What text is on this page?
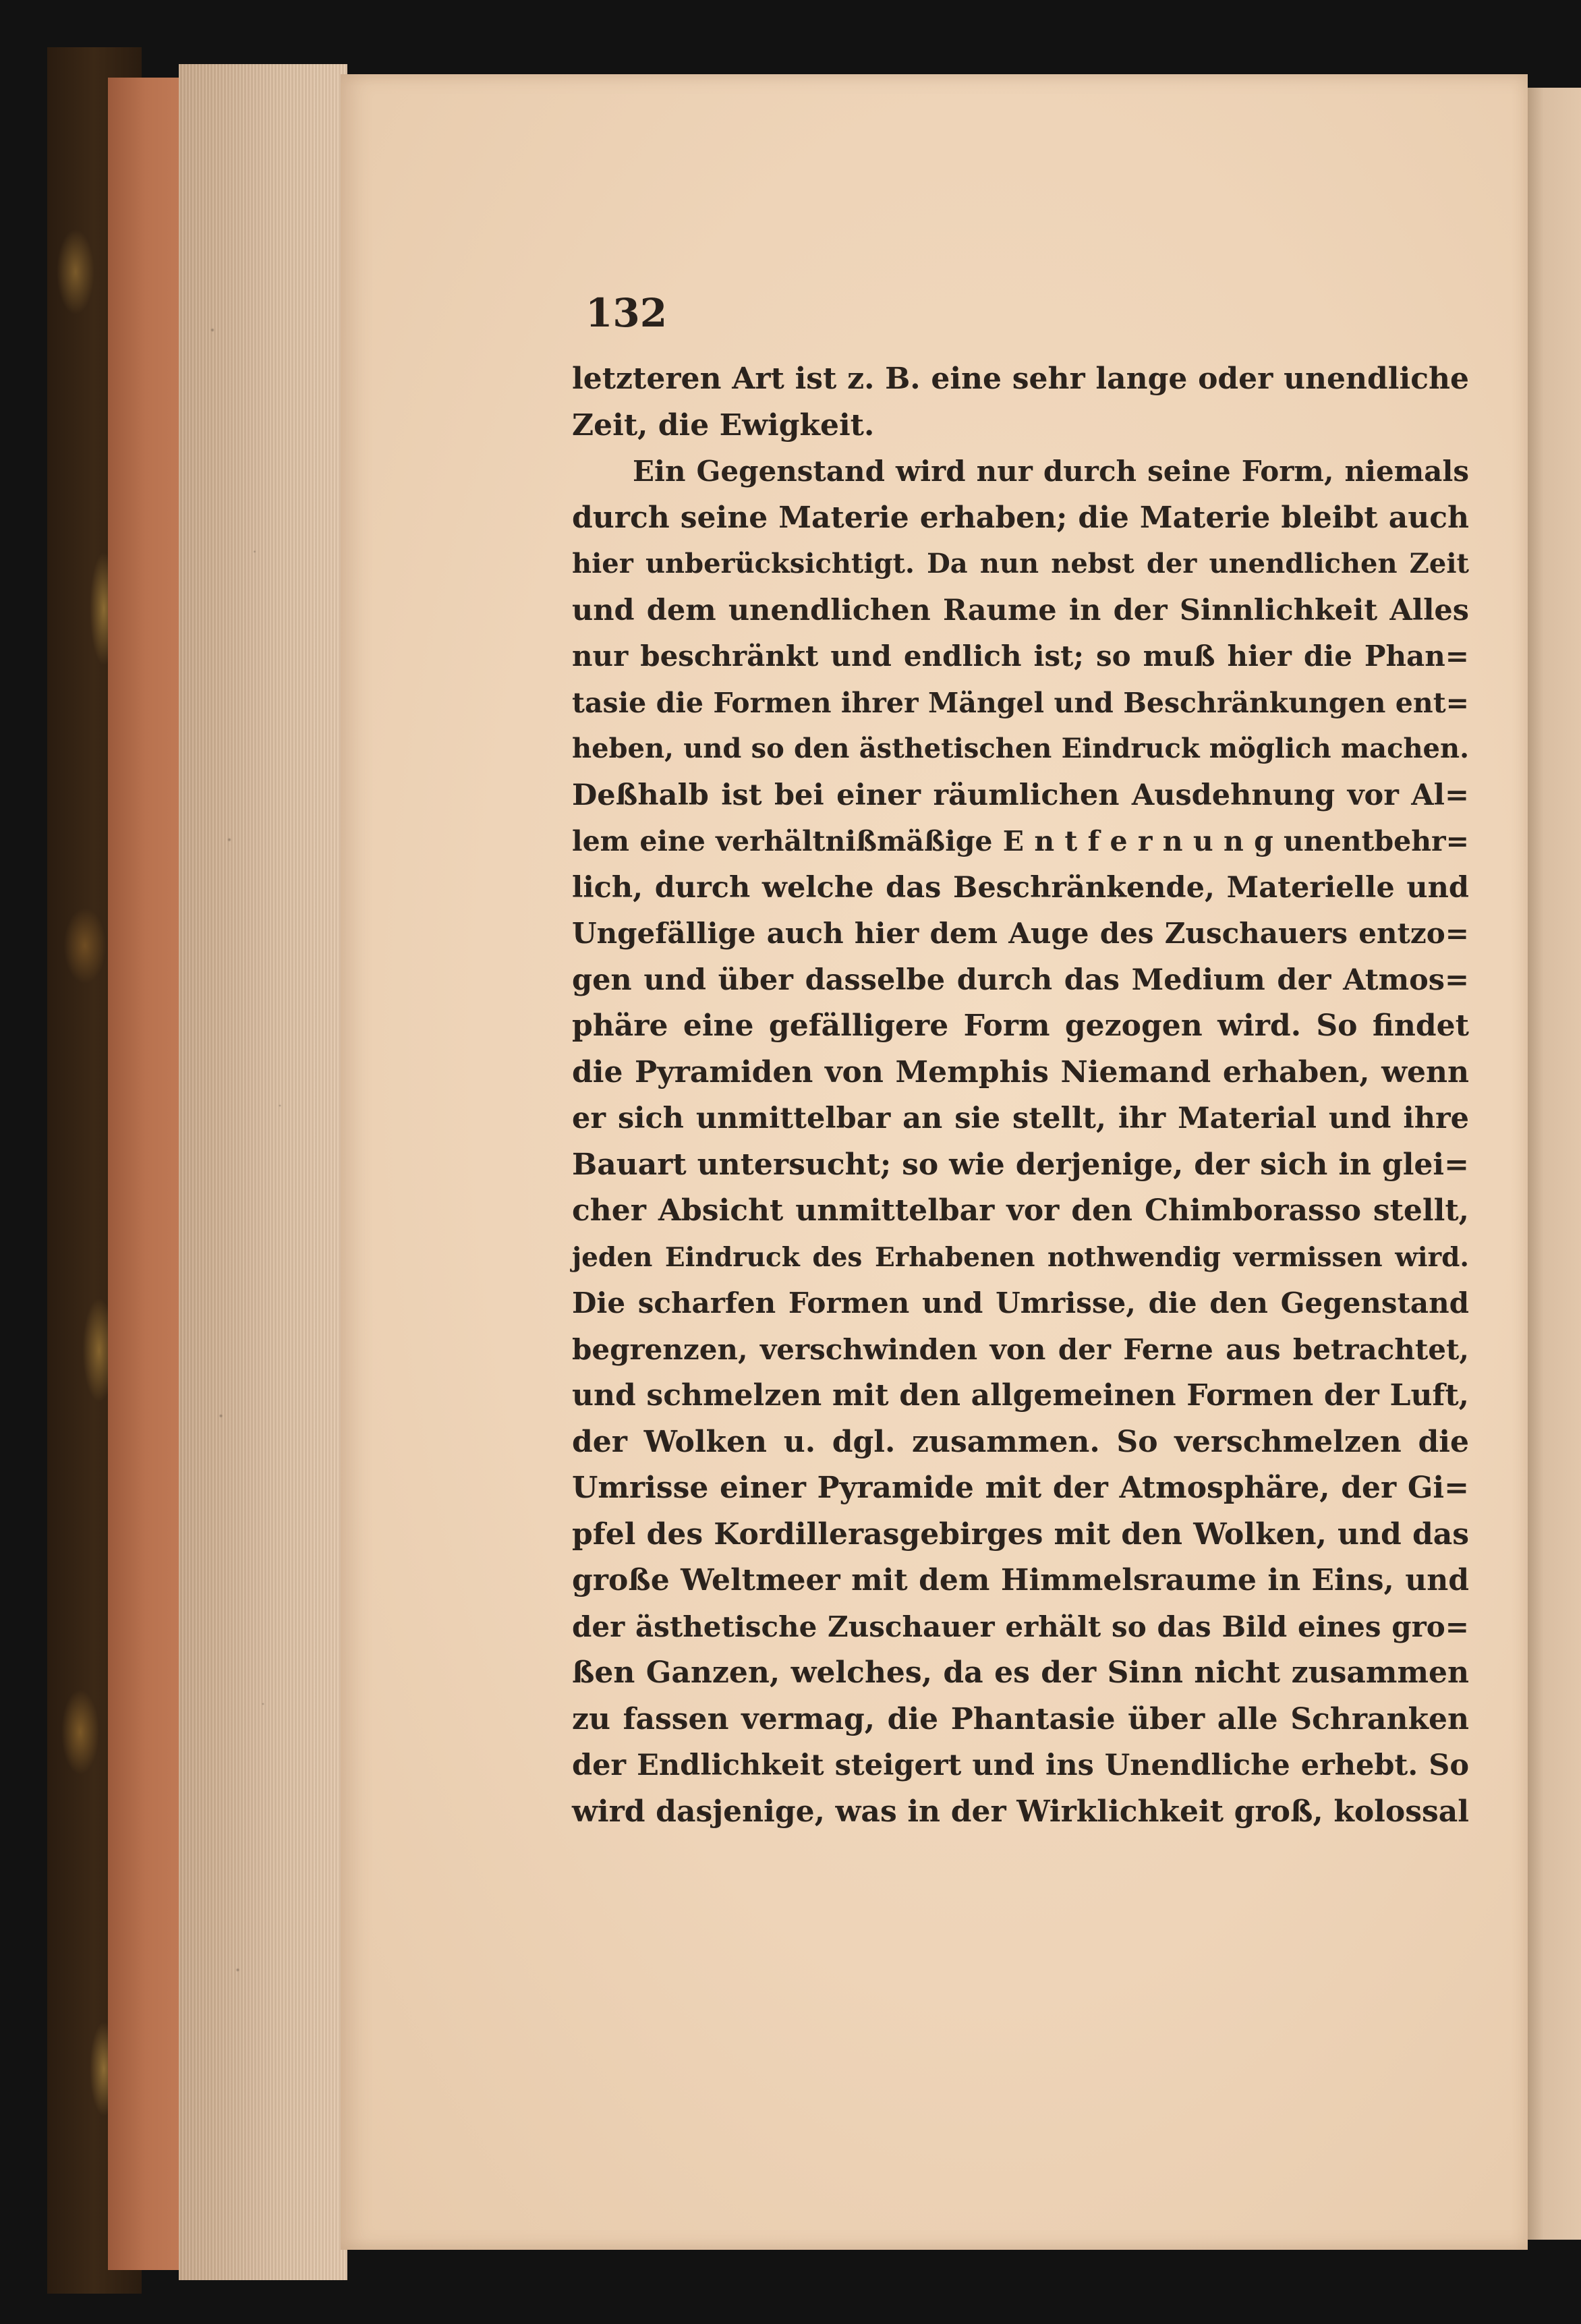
132

letzteren Art ist z. B. eine sehr lange oder unendliche
Zeit, die Ewigkeit.
Ein Gegenstand wird nur durch seine Form, niemals
durch seine Materie erhaben; die Materie bleibt auch
hier unberücksichtigt. Da nun nebst der unendlichen Zeit
und dem unendlichen Raume in der Sinnlichkeit Alles
nur beschränkt und endlich ist; so muß hier die Phan=
tasie die Formen ihrer Mängel und Beschränkungen ent=
heben, und so den ästhetischen Eindruck möglich machen.
Deßhalb ist bei einer räumlichen Ausdehnung vor Al=
lem eine verhältnißmäßige E n t f e r n u n g unentbehr=
lich, durch welche das Beschränkende, Materielle und
Ungefällige auch hier dem Auge des Zuschauers entzo=
gen und über dasselbe durch das Medium der Atmos=
phäre eine gefälligere Form gezogen wird. So findet
die Pyramiden von Memphis Niemand erhaben, wenn
er sich unmittelbar an sie stellt, ihr Material und ihre
Bauart untersucht; so wie derjenige, der sich in glei=
cher Absicht unmittelbar vor den Chimborasso stellt,
jeden Eindruck des Erhabenen nothwendig vermissen wird.
Die scharfen Formen und Umrisse, die den Gegenstand
begrenzen, verschwinden von der Ferne aus betrachtet,
und schmelzen mit den allgemeinen Formen der Luft,
der Wolken u. dgl. zusammen. So verschmelzen die
Umrisse einer Pyramide mit der Atmosphäre, der Gi=
pfel des Kordillerasgebirges mit den Wolken, und das
große Weltmeer mit dem Himmelsraume in Eins, und
der ästhetische Zuschauer erhält so das Bild eines gro=
ßen Ganzen, welches, da es der Sinn nicht zusammen
zu fassen vermag, die Phantasie über alle Schranken
der Endlichkeit steigert und ins Unendliche erhebt. So
wird dasjenige, was in der Wirklichkeit groß, kolossal
